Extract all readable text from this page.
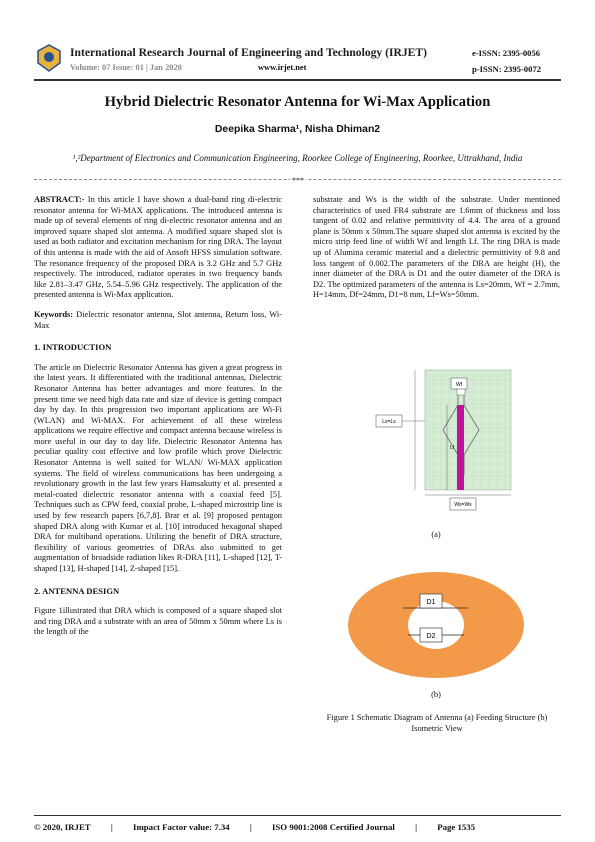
International Research Journal of Engineering and Technology (IRJET)
Volume: 07 Issue: 01 | Jan 2020	www.irjet.net
e-ISSN: 2395-0056
p-ISSN: 2395-0072
Hybrid Dielectric Resonator Antenna for Wi-Max Application
Deepika Sharma¹, Nisha Dhiman2
¹,²Department of Electronics and Communication Engineering, Roorkee College of Engineering, Roorkee, Uttrakhand, India
***

ABSTRACT:- In this article I have shown a dual-band ring di-electric resonator antenna for Wi-MAX applications. The introduced antenna is made up of several elements of ring di-electric resonator antenna and an improved square shaped slot antenna. A modified square shaped slot is used as both radiator and excitation mechanism for ring DRA. The layout of this antenna is made with the aid of Ansoft HFSS simulation software. The resonance frequency of the proposed DRA is 3.2 GHz and 5.7 GHz respectively. The introduced, radiator operates in two frequency bands like 2.81–3.47 GHz, 5.54–5.96 GHz respectively. The application of the presented antenna is Wi-Max application.

Keywords: Dielectric resonator antenna, Slot antenna, Return loss, Wi-Max

1. INTRODUCTION

The article on Dielectric Resonator Antenna has given a great progress in the latest years. It differentiated with the traditional antennas, Dielectric Resonator Antenna has better advantages and more features. In the present time we need high data rate and size of device is getting compact day by day. In this progression two important applications are Wi-Fi (WLAN) and Wi-MAX. For achievement of all these wireless applications we require effective and compact antenna because wireless is more useful in our day to day life. Dielectric Resonator Antenna has peculiar quality cost effective and low profile which prove Dielectric Resonator Antenna is well suited for WLAN/ Wi-MAX application systems. The field of wireless communications has been undergoing a revolutionary growth in the last few years Hamsakutty et al. presented a metal-coated dielectric resonator antenna with a coaxial feed [5]. Techniques such as CPW feed, coaxial probe, L-shaped microstrip line is used by few research papers [6,7,8]. Brar et al. [9] proposed pentagon shaped DRA along with Kumar et al. [10] introduced hexagonal shaped DRA for multiband operations. Utilizing the benefit of DRA structure, flexibility of various geometries of DRAs also submitted to get augmentation of broadside radiation likes R-DRA [11], L-shaped [12], T-shaped [13], H-shaped [14], Z-shaped [15].

2. ANTENNA DESIGN

Figure 1illustrated that DRA which is composed of a square shaped slot and ring DRA and a substrate with an area of 50mm x 50mm where Ls is the length of the

substrate and Ws is the width of the substrate. Under mentioned characteristics of used FR4 substrate are 1.6mm of thickness and loss tangent of 0.02 and relative permittivity of 4.4. The area of a ground plane is 50mm x 50mm.The square shaped slot antenna is excited by the micro strip feed line of width Wf and length Lf. The ring DRA is made up of Alumina ceramic material and a dielectric permittivity of 9.8 and loss tangent of 0.002.The parameters of the DRA are height (H), the inner diameter of the DRA is D1 and the outer diameter of the DRA is D2. The optimized parameters of the antenna is Ls=20mm, Wf = 2.7mm, H=14mm, Df=24mm, D1=8 mm, Lf=Ws=50mm.
Wf
Ls=Ls
Lf
Ws=Ws
(a)
D1
D2
(b)
Figure 1 Schematic Diagram of Antenna (a) Feeding Structure (b) Isometric View
© 2020, IRJET | Impact Factor value: 7.34 | ISO 9001:2008 Certified Journal | Page 1535
